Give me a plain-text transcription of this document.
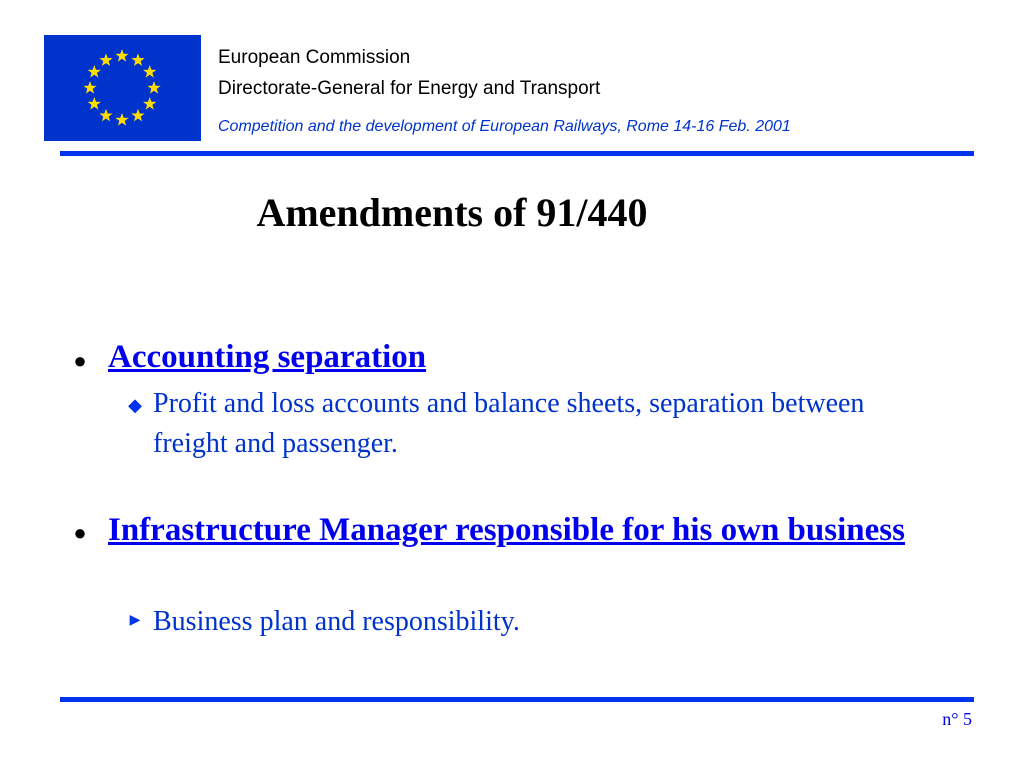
European Commission
Directorate-General for Energy and Transport
Competition and the development of European Railways, Rome 14-16 Feb. 2001
Amendments of 91/440
● Accounting separation
◆ Profit and loss accounts and balance sheets, separation between freight and passenger.
● Infrastructure Manager responsible for his own business
▶ Business plan and responsibility.
n° 5
